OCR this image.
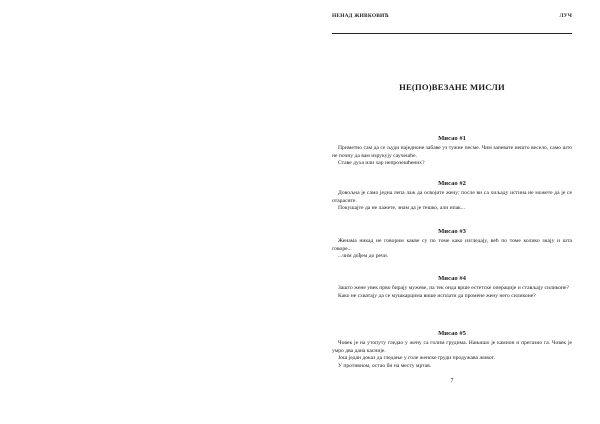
НЕНАД ЖИВКОВИЋ	ЛУЧ
НЕ(ПО)ВЕЗАНЕ МИСЛИ
Мисао #1

Приметио сам да се људи наједноне забаве уз тужне песме. Чим запевате нешто весело, само што не почну да вам изрукују саучешће.

Ставе духа или хар непрозешћених?

Мисао #2

Довољна је само једна лепа лаж да освојите жену; после ви са хиљаду истина не можете да је се отарасите.

Покушајте да не лажете, знам да је тешко, али ипак...

Мисао #3

Женама никад не говорим какве су по томе како изгледају, већ по томе колико знају и шта говоре...

...чим дођем до речи.

Мисао #4

Зашто жене увек прво бирају мужеве, па тек онда врше естетске операције и стављају силиконе?

Како не схватају да се мушкарцима више исплати да промене жену него силиконе?

Мисао #5

Човек је на утопуту гледао у жену са голим грудима. Нањишо је камион и прегазио га. Човек је умро два дана касније.

Још један доказ да гледање у голе женске груди продужава живот.

У противном, остао би на месту мртав.

7
